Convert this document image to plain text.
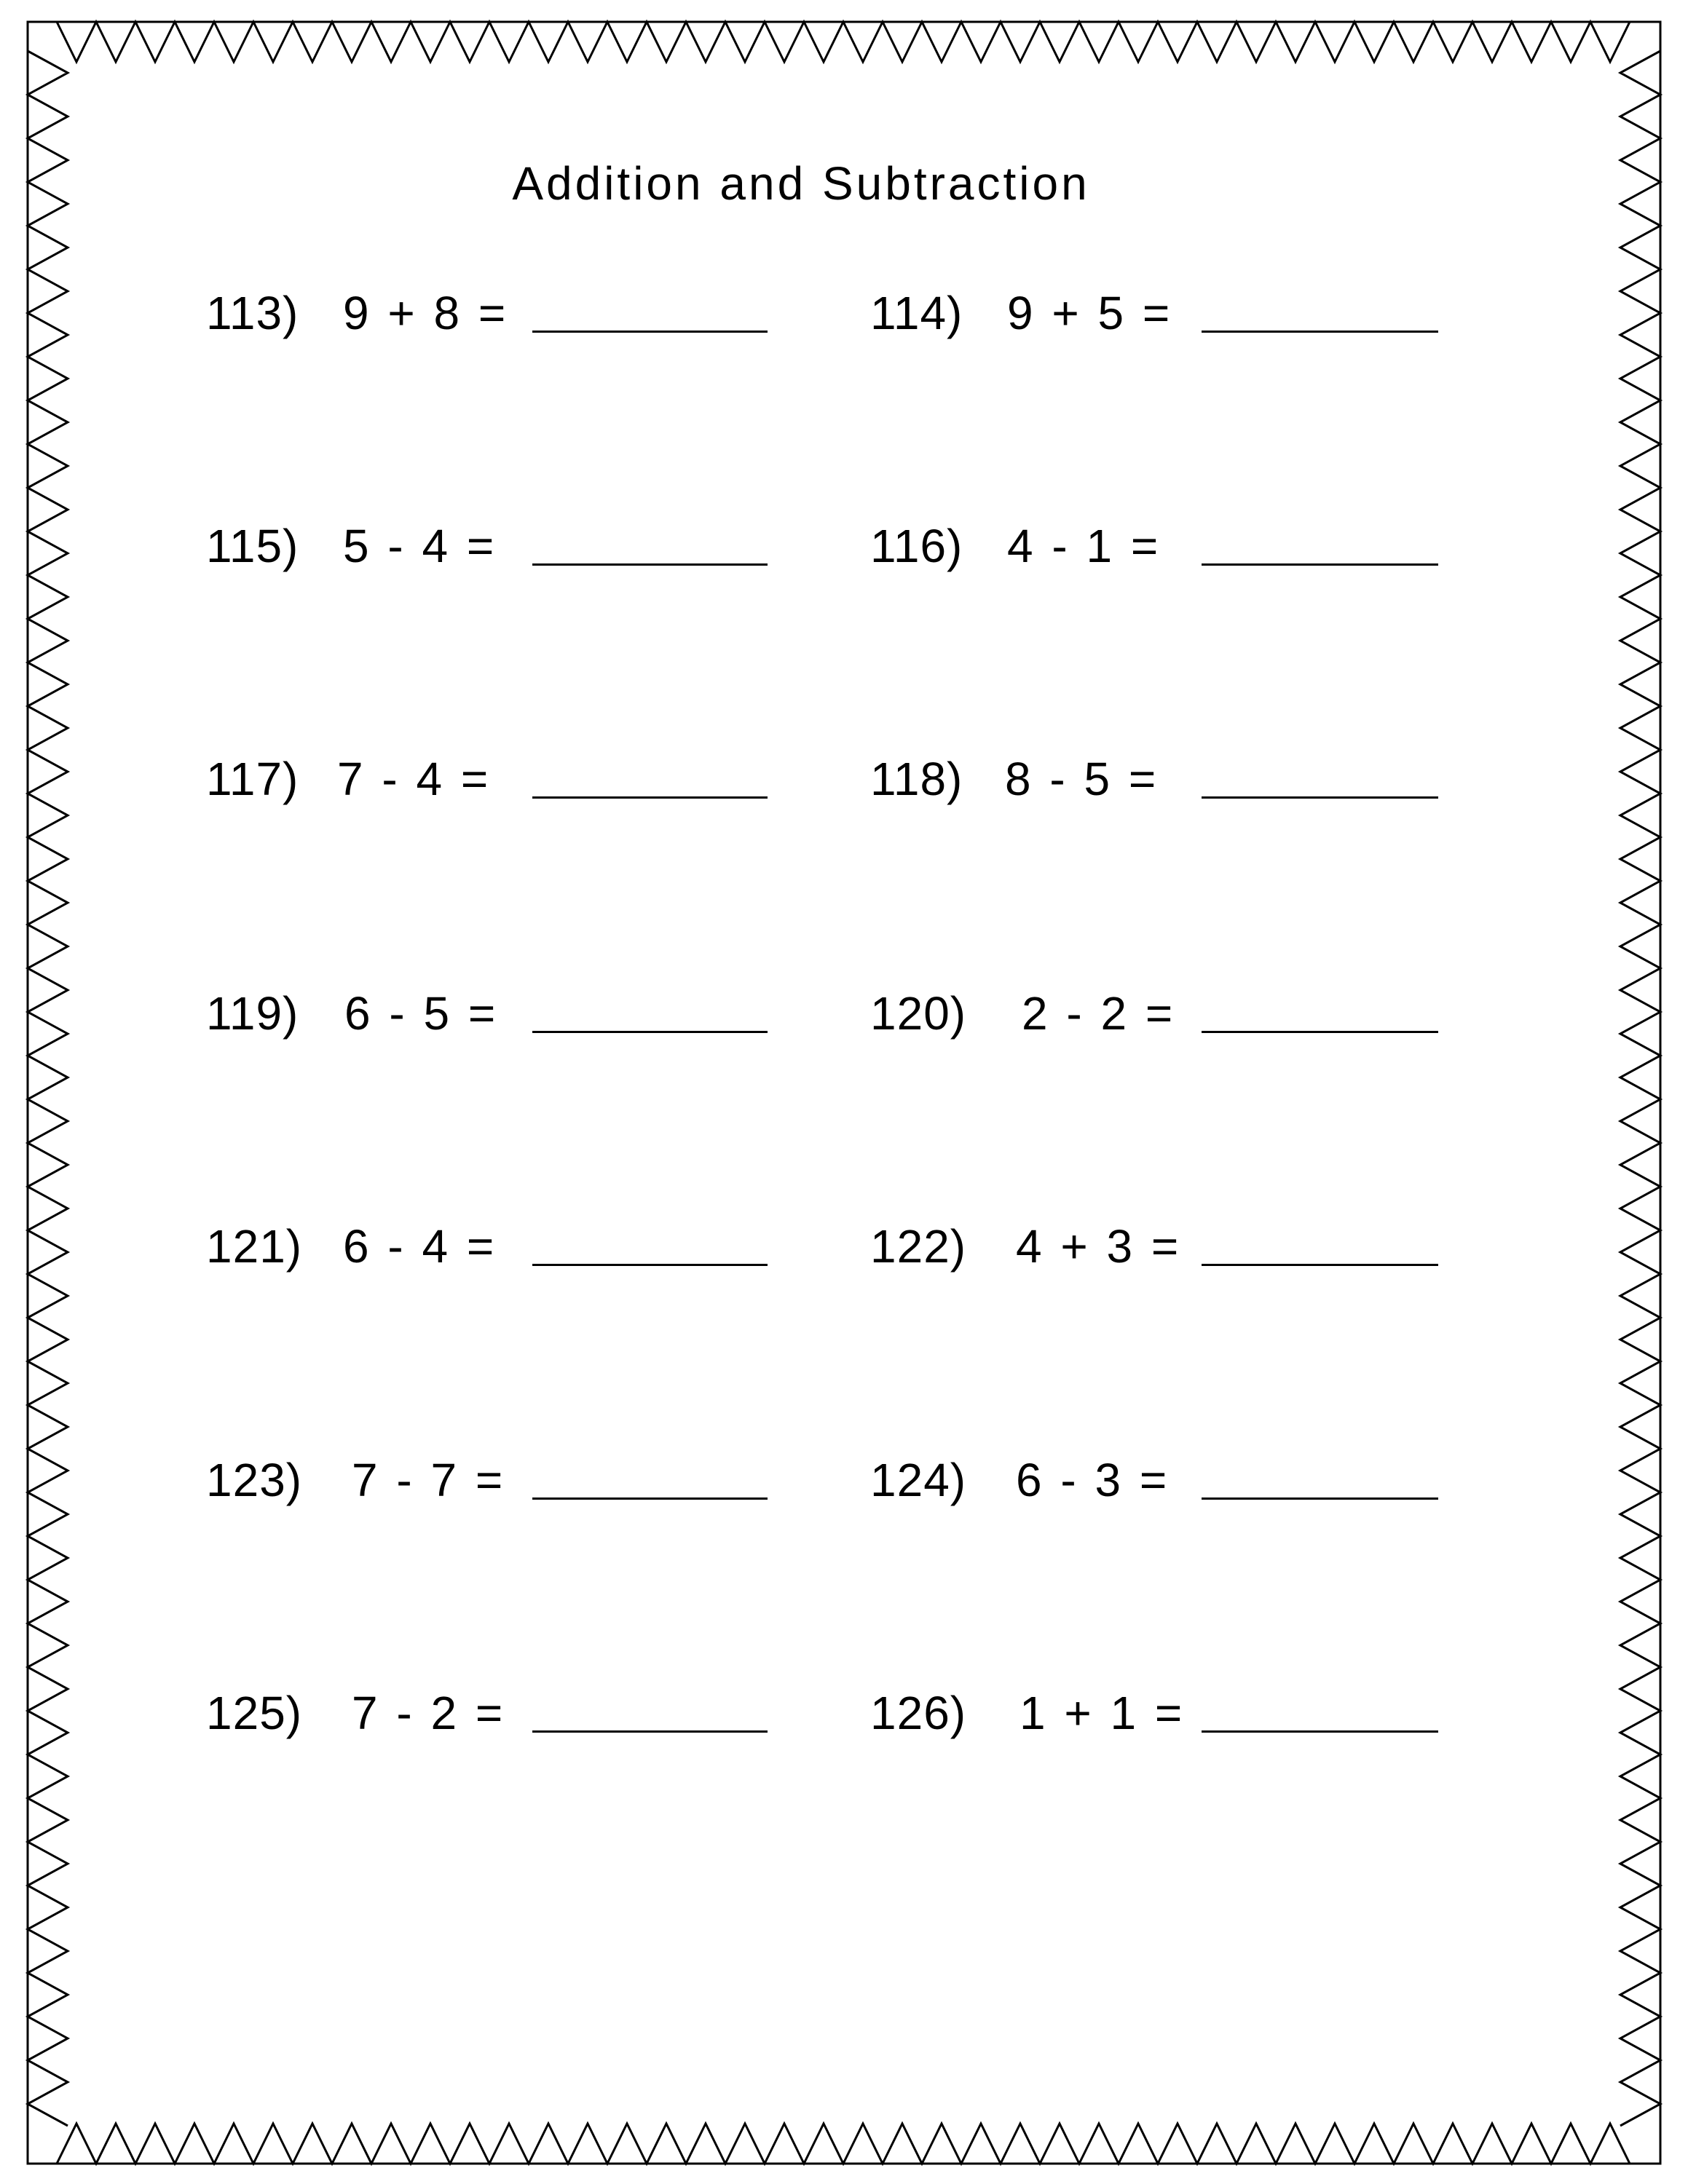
Addition and Subtraction
113) 9 + 8 =
115) 5 - 4 =
117) 7 - 4 =
119) 6 - 5 =
121) 6 - 4 =
123) 7 - 7 =
125) 7 - 2 =
114) 9 + 5 =
116) 4 - 1 =
118) 8 - 5 =
120) 2 - 2 =
122) 4 + 3 =
124) 6 - 3 =
126) 1 + 1 =
